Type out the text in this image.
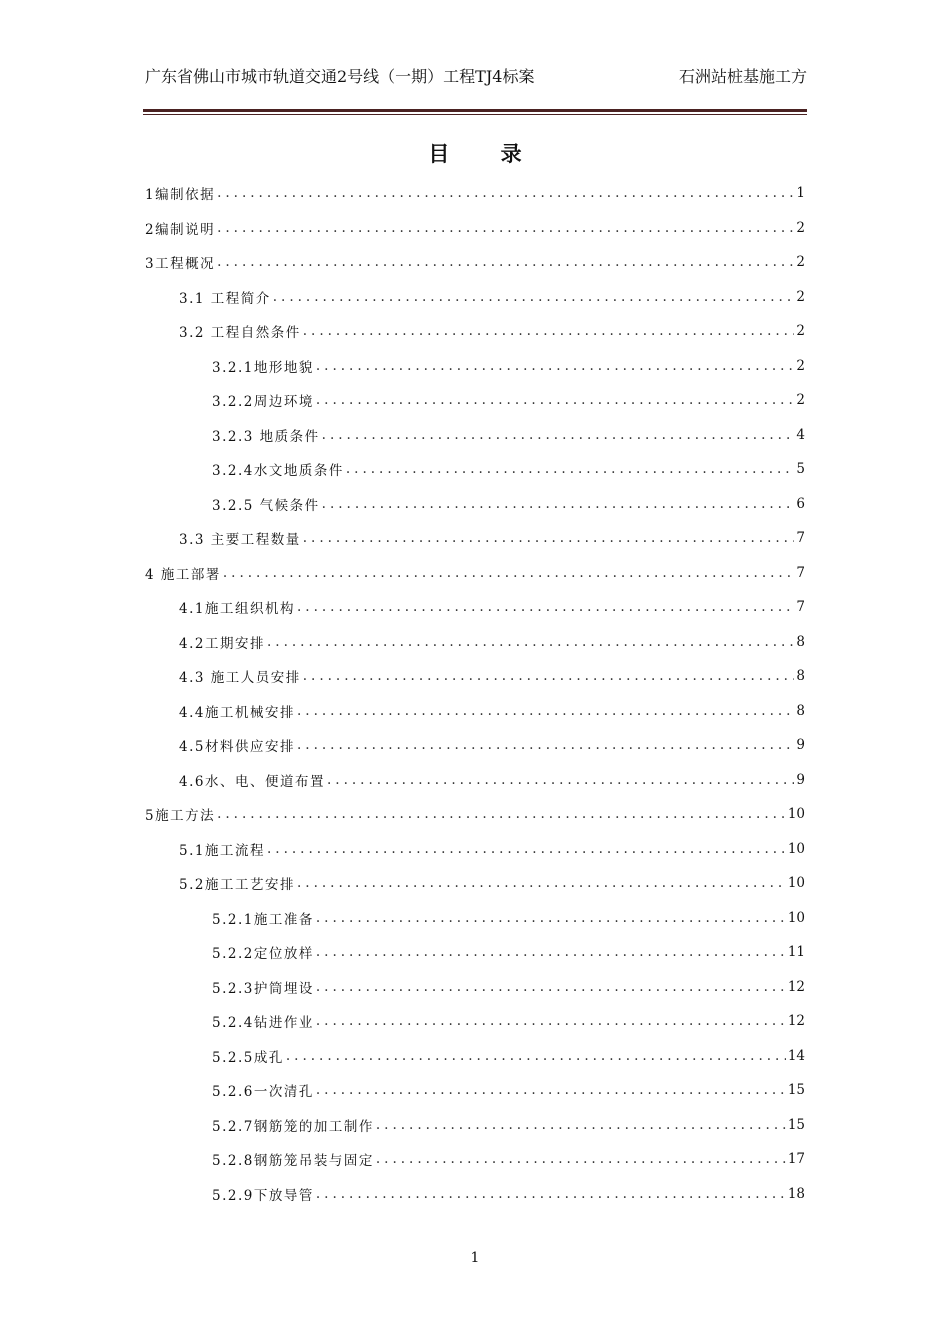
广东省佛山市城市轨道交通2号线（一期）工程TJ4标案	石洲站桩基施工方
目 录
1编制依据 .....	1
2编制说明 .....	2
3工程概况 .....	2
3.1 工程简介 .....	2
3.2 工程自然条件 .....	2
3.2.1地形地貌 .....	2
3.2.2周边环境 .....	2
3.2.3 地质条件 .....	4
3.2.4水文地质条件 .....	5
3.2.5 气候条件 .....	6
3.3 主要工程数量 .....	7
4 施工部署 .....	7
4.1施工组织机构 .....	7
4.2工期安排 .....	8
4.3 施工人员安排 .....	8
4.4施工机械安排 .....	8
4.5材料供应安排 .....	9
4.6水、电、便道布置 .....	9
5施工方法 .....	10
5.1施工流程 .....	10
5.2施工工艺安排 .....	10
5.2.1施工准备 .....	10
5.2.2定位放样 .....	11
5.2.3护筒埋设 .....	12
5.2.4钻进作业 .....	12
5.2.5成孔 .....	14
5.2.6一次清孔 .....	15
5.2.7钢筋笼的加工制作 .....	15
5.2.8钢筋笼吊装与固定 .....	17
5.2.9下放导管 .....	18
1
